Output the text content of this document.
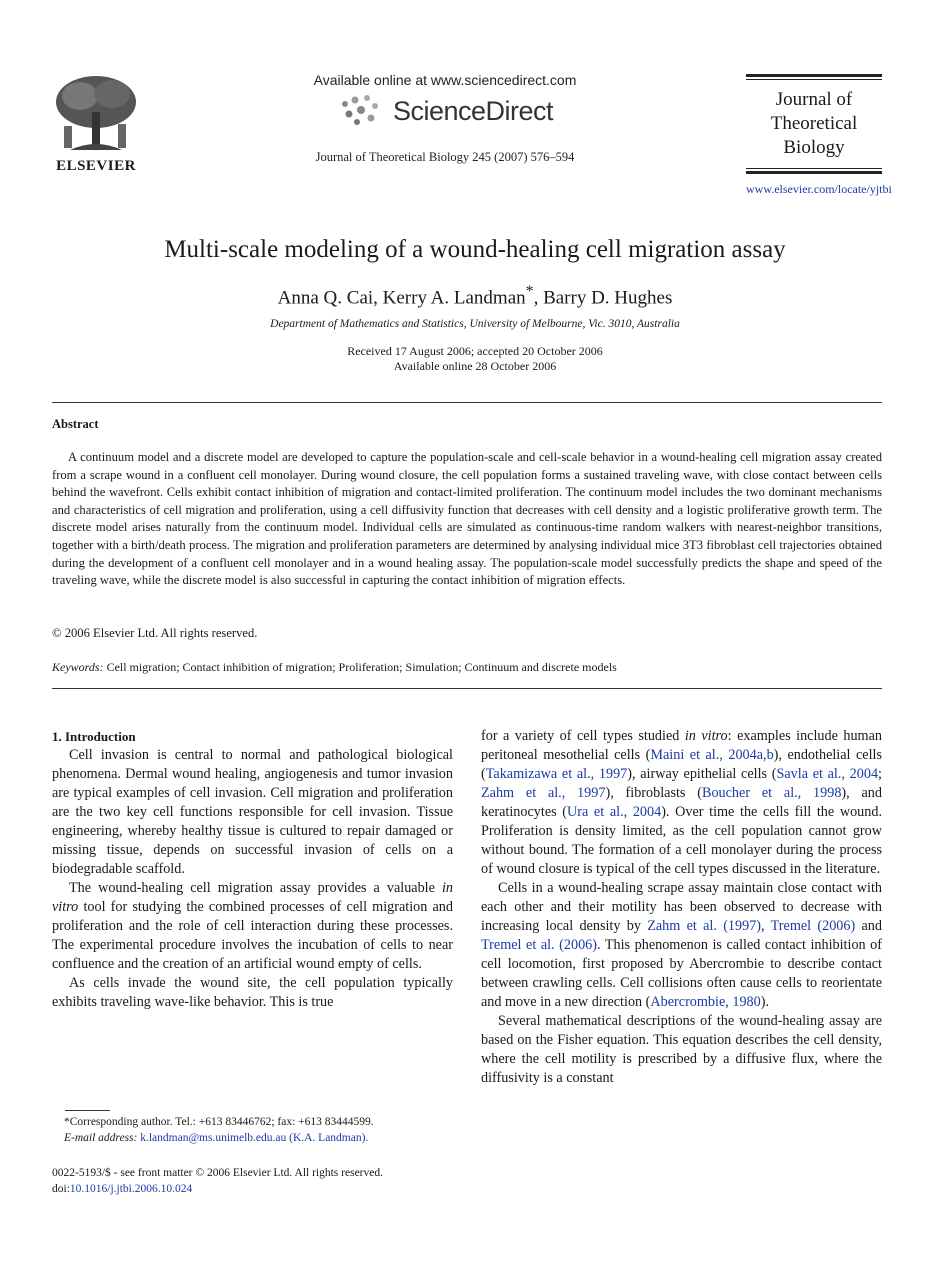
ELSEVIER
Available online at www.sciencedirect.com
ScienceDirect
Journal of Theoretical Biology 245 (2007) 576–594
Journal of
Theoretical
Biology
www.elsevier.com/locate/yjtbi
Multi-scale modeling of a wound-healing cell migration assay
Anna Q. Cai, Kerry A. Landman*, Barry D. Hughes
Department of Mathematics and Statistics, University of Melbourne, Vic. 3010, Australia
Received 17 August 2006; accepted 20 October 2006
Available online 28 October 2006
Abstract
A continuum model and a discrete model are developed to capture the population-scale and cell-scale behavior in a wound-healing cell migration assay created from a scrape wound in a confluent cell monolayer. During wound closure, the cell population forms a sustained traveling wave, with close contact between cells behind the wavefront. Cells exhibit contact inhibition of migration and contact-limited proliferation. The continuum model includes the two dominant mechanisms and characteristics of cell migration and proliferation, using a cell diffusivity function that decreases with cell density and a logistic proliferative growth term. The discrete model arises naturally from the continuum model. Individual cells are simulated as continuous-time random walkers with nearest-neighbor transitions, together with a birth/death process. The migration and proliferation parameters are determined by analysing individual mice 3T3 fibroblast cell trajectories obtained during the development of a confluent cell monolayer and in a wound healing assay. The population-scale model successfully predicts the shape and speed of the traveling wave, while the discrete model is also successful in capturing the contact inhibition of migration effects.
© 2006 Elsevier Ltd. All rights reserved.
Keywords: Cell migration; Contact inhibition of migration; Proliferation; Simulation; Continuum and discrete models

1. Introduction

Cell invasion is central to normal and pathological biological phenomena. Dermal wound healing, angiogenesis and tumor invasion are typical examples of cell invasion. Cell migration and proliferation are the two key cell functions responsible for cell invasion. Tissue engineering, whereby healthy tissue is cultured to repair damaged or missing tissue, depends on successful invasion of cells on a biodegradable scaffold.

The wound-healing cell migration assay provides a valuable in vitro tool for studying the combined processes of cell migration and proliferation and the role of cell interaction during these processes. The experimental procedure involves the incubation of cells to near confluence and the creation of an artificial wound empty of cells.

As cells invade the wound site, the cell population typically exhibits traveling wave-like behavior. This is true

for a variety of cell types studied in vitro: examples include human peritoneal mesothelial cells (Maini et al., 2004a,b), endothelial cells (Takamizawa et al., 1997), airway epithelial cells (Savla et al., 2004; Zahm et al., 1997), fibroblasts (Boucher et al., 1998), and keratinocytes (Ura et al., 2004). Over time the cells fill the wound. Proliferation is density limited, as the cell population cannot grow without bound. The formation of a cell monolayer during the process of wound closure is typical of the cell types discussed in the literature.

Cells in a wound-healing scrape assay maintain close contact with each other and their motility has been observed to decrease with increasing local density by Zahm et al. (1997), Tremel (2006) and Tremel et al. (2006). This phenomenon is called contact inhibition of cell locomotion, first proposed by Abercrombie to describe contact between crawling cells. Cell collisions often cause cells to reorientate and move in a new direction (Abercrombie, 1980).

Several mathematical descriptions of the wound-healing assay are based on the Fisher equation. This equation describes the cell density, where the cell motility is prescribed by a diffusive flux, where the diffusivity is a constant

*Corresponding author. Tel.: +613 83446762; fax: +613 83444599.
E-mail address: k.landman@ms.unimelb.edu.au (K.A. Landman).
0022-5193/$ - see front matter © 2006 Elsevier Ltd. All rights reserved.
doi:10.1016/j.jtbi.2006.10.024
